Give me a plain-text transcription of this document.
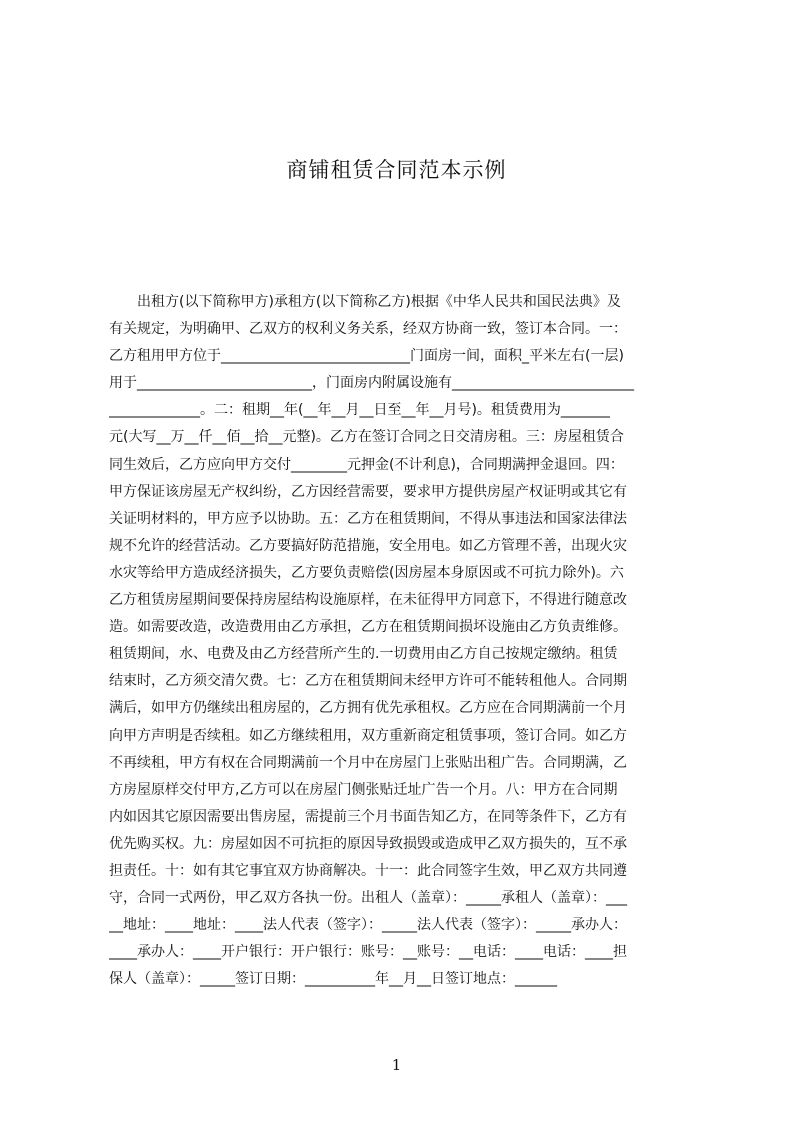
商铺租赁合同范本示例
　　出租方(以下简称甲方)承租方(以下简称乙方)根据《中华人民共和国民法典》及
有关规定，为明确甲、乙双方的权利义务关系，经双方协商一致，签订本合同。一：
乙方租用甲方位于___________________________门面房一间，面积_平米左右(一层)
用于_________________________，门面房内附属设施有__________________________
_____________。二：租期__年(__年__月__日至__年__月号)。租赁费用为_______
元(大写__万__仟__佰__拾__元整)。乙方在签订合同之日交清房租。三：房屋租赁合
同生效后，乙方应向甲方交付________元押金(不计利息)，合同期满押金退回。四：
甲方保证该房屋无产权纠纷，乙方因经营需要，要求甲方提供房屋产权证明或其它有
关证明材料的，甲方应予以协助。五：乙方在租赁期间，不得从事违法和国家法律法
规不允许的经营活动。乙方要搞好防范措施，安全用电。如乙方管理不善，出现火灾
水灾等给甲方造成经济损失，乙方要负责赔偿(因房屋本身原因或不可抗力除外)。六
乙方租赁房屋期间要保持房屋结构设施原样，在未征得甲方同意下，不得进行随意改
造。如需要改造，改造费用由乙方承担，乙方在租赁期间损坏设施由乙方负责维修。
租赁期间，水、电费及由乙方经营所产生的.一切费用由乙方自己按规定缴纳。租赁
结束时，乙方须交清欠费。七：乙方在租赁期间未经甲方许可不能转租他人。合同期
满后，如甲方仍继续出租房屋的，乙方拥有优先承租权。乙方应在合同期满前一个月
向甲方声明是否续租。如乙方继续租用，双方重新商定租赁事项，签订合同。如乙方
不再续租，甲方有权在合同期满前一个月中在房屋门上张贴出租广告。合同期满，乙
方房屋原样交付甲方,乙方可以在房屋门侧张贴迁址广告一个月。八：甲方在合同期
内如因其它原因需要出售房屋，需提前三个月书面告知乙方，在同等条件下，乙方有
优先购买权。九：房屋如因不可抗拒的原因导致损毁或造成甲乙双方损失的，互不承
担责任。十：如有其它事宜双方协商解决。十一：此合同签字生效，甲乙双方共同遵
守，合同一式两份，甲乙双方各执一份。出租人（盖章）：_____承租人（盖章）：___
__地址：____地址：____法人代表（签字）：_____法人代表（签字）：_____承办人：
____承办人：____开户银行：开户银行：账号：__账号：__电话：____电话：____担
保人（盖章）：_____签订日期：__________年__月__日签订地点：______
1
